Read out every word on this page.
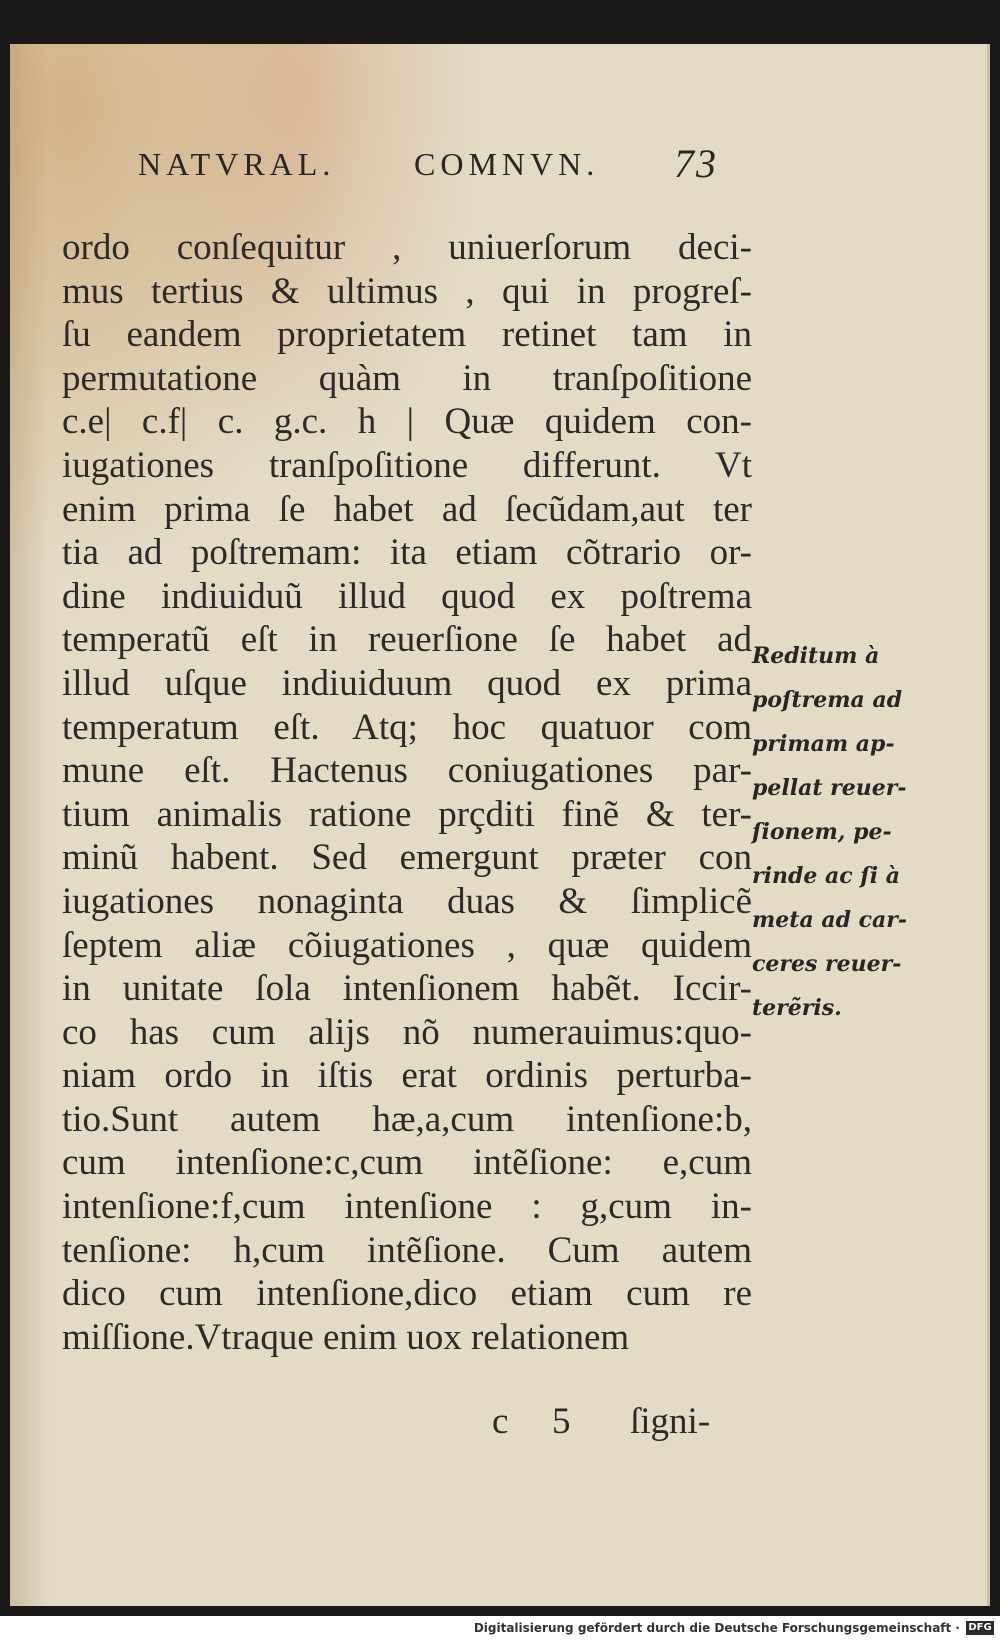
NATVRAL. COMNVN. 73
ordo conſequitur , uniuerſorum deci-
mus tertius & ultimus , qui in progreſ-
ſu eandem proprietatem retinet tam in
permutatione quàm in tranſpoſitione
c.e| c.f| c. g.c. h | Quæ quidem con-
iugationes tranſpoſitione differunt. Vt
enim prima ſe habet ad ſecũdam,aut ter
tia ad poſtremam: ita etiam cõtrario or-
dine indiuiduũ illud quod ex poſtrema
temperatũ eſt in reuerſione ſe habet ad
illud uſque indiuiduum quod ex prima
temperatum eſt. Atq; hoc quatuor com
mune eſt. Hactenus coniugationes par-
tium animalis ratione prçditi finẽ & ter-
minũ habent. Sed emergunt præter con
iugationes nonaginta duas & ſimplicẽ
ſeptem aliæ cõiugationes , quæ quidem
in unitate ſola intenſionem habẽt. Iccir-
co has cum alijs nõ numerauimus:quo-
niam ordo in iſtis erat ordinis perturba-
tio.Sunt autem hæ,a,cum intenſione:b,
cum intenſione:c,cum intẽſione: e,cum
intenſione:f,cum intenſione : g,cum in-
tenſione: h,cum intẽſione. Cum autem
dico cum intenſione,dico etiam cum re
miſſione.Vtraque enim uox relationem
Reditum à
poſtrema ad
primam ap-
pellat reuer-
ſionem, pe-
rinde ac ſi à
meta ad car-
ceres reuer-
terẽris.
c 5 ſigni-
Digitalisierung gefördert durch die Deutsche Forschungsgemeinschaft · DFG
